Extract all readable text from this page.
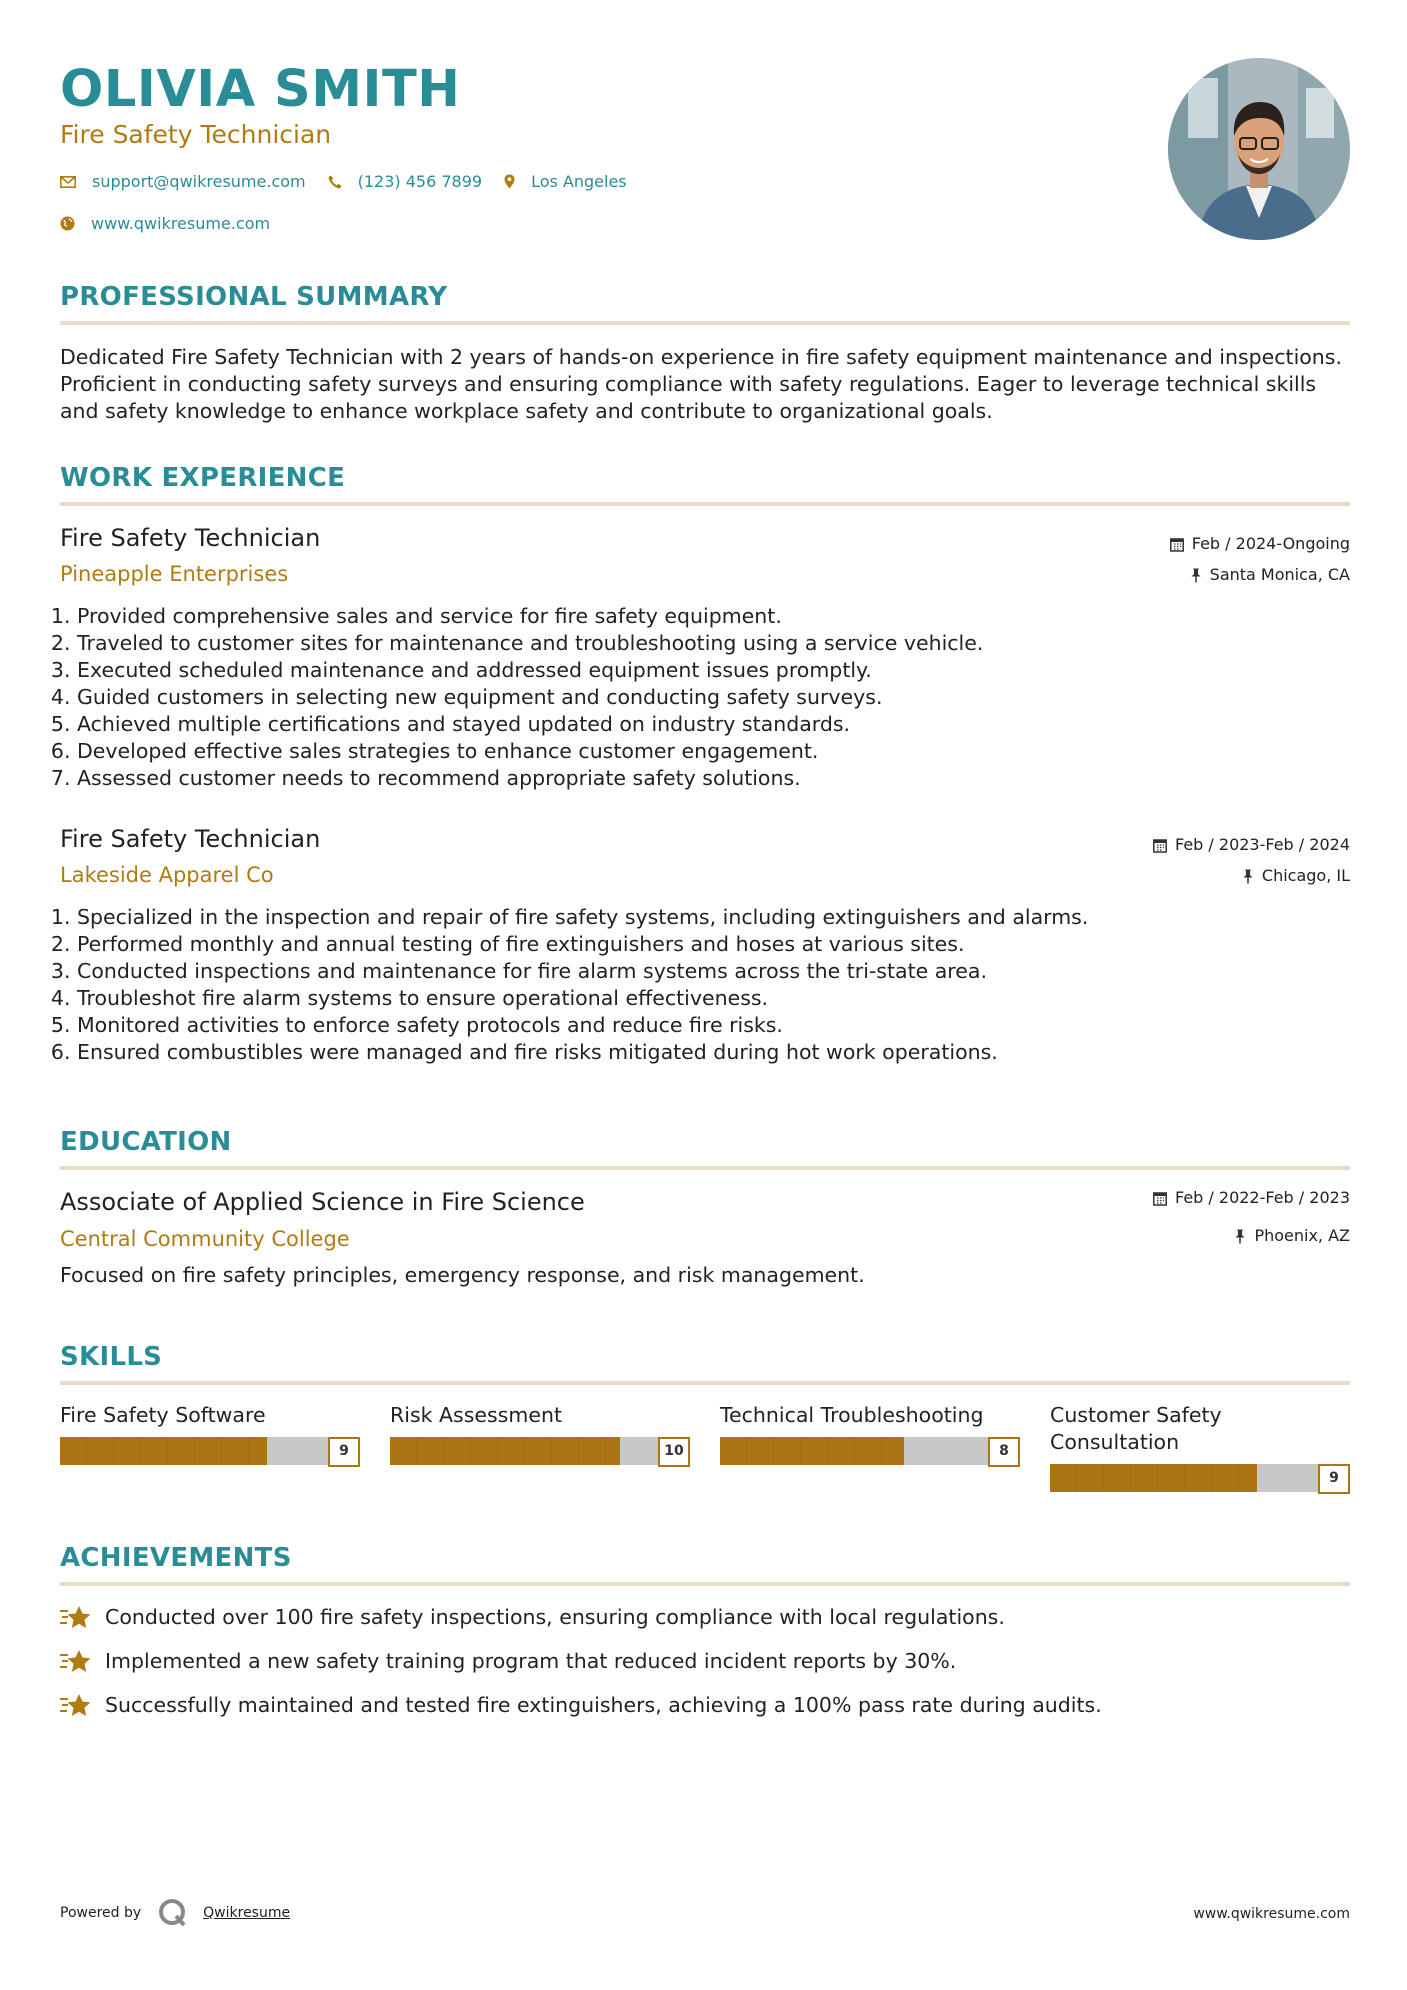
OLIVIA SMITH
Fire Safety Technician
support@qwikresume.com	(123) 456 7899	Los Angeles
www.qwikresume.com
PROFESSIONAL SUMMARY
Dedicated Fire Safety Technician with 2 years of hands-on experience in fire safety equipment maintenance and inspections. Proficient in conducting safety surveys and ensuring compliance with safety regulations. Eager to leverage technical skills and safety knowledge to enhance workplace safety and contribute to organizational goals.
WORK EXPERIENCE
Fire Safety Technician
Pineapple Enterprises
Feb / 2024-Ongoing
Santa Monica, CA
1. Provided comprehensive sales and service for fire safety equipment.
2. Traveled to customer sites for maintenance and troubleshooting using a service vehicle.
3. Executed scheduled maintenance and addressed equipment issues promptly.
4. Guided customers in selecting new equipment and conducting safety surveys.
5. Achieved multiple certifications and stayed updated on industry standards.
6. Developed effective sales strategies to enhance customer engagement.
7. Assessed customer needs to recommend appropriate safety solutions.
Fire Safety Technician
Lakeside Apparel Co
Feb / 2023-Feb / 2024
Chicago, IL
1. Specialized in the inspection and repair of fire safety systems, including extinguishers and alarms.
2. Performed monthly and annual testing of fire extinguishers and hoses at various sites.
3. Conducted inspections and maintenance for fire alarm systems across the tri-state area.
4. Troubleshot fire alarm systems to ensure operational effectiveness.
5. Monitored activities to enforce safety protocols and reduce fire risks.
6. Ensured combustibles were managed and fire risks mitigated during hot work operations.
EDUCATION
Associate of Applied Science in Fire Science
Central Community College
Feb / 2022-Feb / 2023
Phoenix, AZ
Focused on fire safety principles, emergency response, and risk management.
SKILLS
Fire Safety Software
9
Risk Assessment
10
Technical Troubleshooting
8
Customer Safety Consultation
9
ACHIEVEMENTS
Conducted over 100 fire safety inspections, ensuring compliance with local regulations.
Implemented a new safety training program that reduced incident reports by 30%.
Successfully maintained and tested fire extinguishers, achieving a 100% pass rate during audits.
Powered by	Qwikresume	www.qwikresume.com
